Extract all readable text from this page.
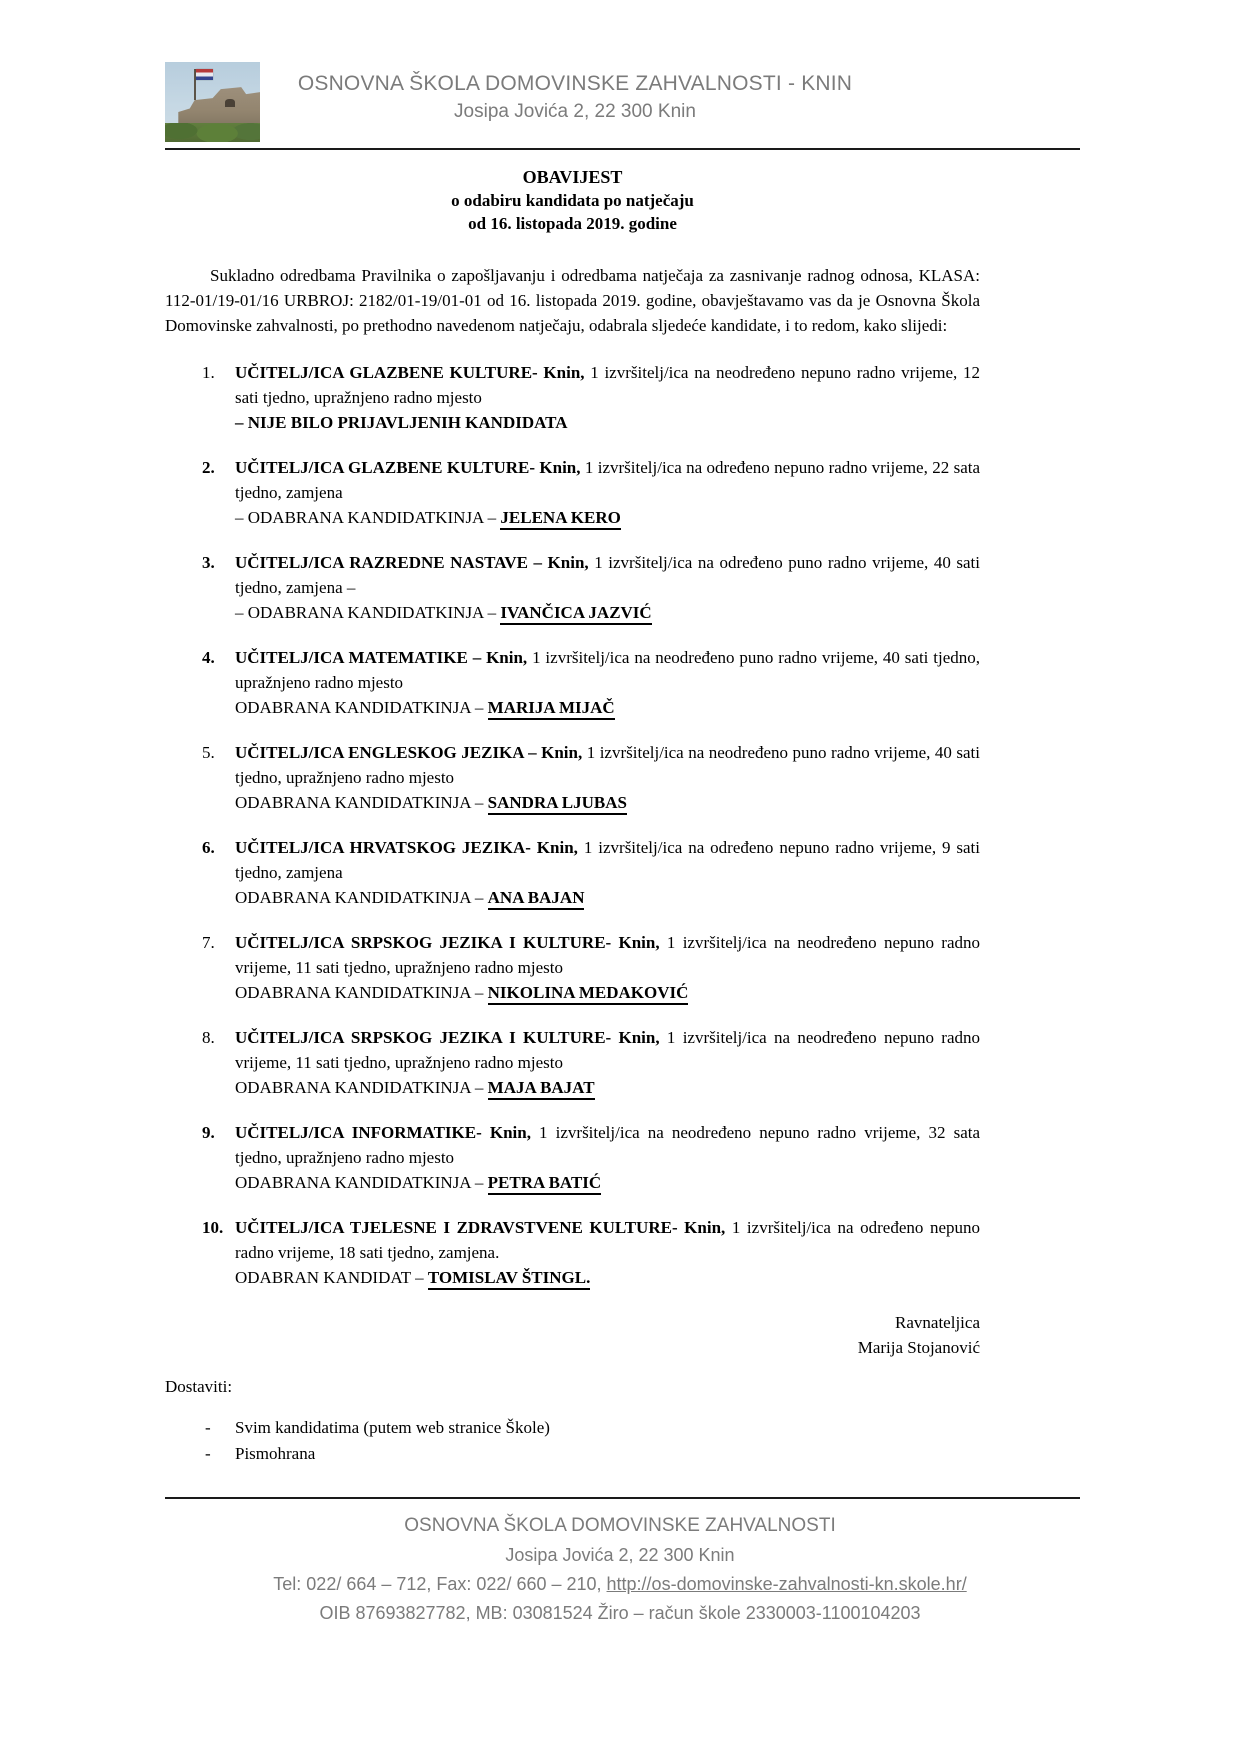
OSNOVNA ŠKOLA DOMOVINSKE ZAHVALNOSTI - KNIN
Josipa Jovića 2, 22 300 Knin
OBAVIJEST
o odabiru kandidata po natječaju
od 16. listopada 2019. godine

Sukladno odredbama Pravilnika o zapošljavanju i odredbama natječaja za zasnivanje radnog odnosa, KLASA: 112-01/19-01/16 URBROJ: 2182/01-19/01-01 od 16. listopada 2019. godine, obavještavamo vas da je Osnovna Škola Domovinske zahvalnosti, po prethodno navedenom natječaju, odabrala sljedeće kandidate, i to redom, kako slijedi:

1.	UČITELJ/ICA GLAZBENE KULTURE- Knin, 1 izvršitelj/ica na neodređeno nepuno radno vrijeme, 12 sati tjedno, upražnjeno radno mjesto

– NIJE BILO PRIJAVLJENIH KANDIDATA

2.	UČITELJ/ICA GLAZBENE KULTURE- Knin, 1 izvršitelj/ica na određeno nepuno radno vrijeme, 22 sata tjedno, zamjena

– ODABRANA KANDIDATKINJA – JELENA KERO

3.	UČITELJ/ICA RAZREDNE NASTAVE – Knin, 1 izvršitelj/ica na određeno puno radno vrijeme, 40 sati tjedno, zamjena –

– ODABRANA KANDIDATKINJA – IVANČICA JAZVIĆ

4.	UČITELJ/ICA MATEMATIKE – Knin, 1 izvršitelj/ica na neodređeno puno radno vrijeme, 40 sati tjedno, upražnjeno radno mjesto

ODABRANA KANDIDATKINJA – MARIJA MIJAČ

5.	UČITELJ/ICA ENGLESKOG JEZIKA – Knin, 1 izvršitelj/ica na neodređeno puno radno vrijeme, 40 sati tjedno, upražnjeno radno mjesto

ODABRANA KANDIDATKINJA – SANDRA LJUBAS

6.	UČITELJ/ICA HRVATSKOG JEZIKA- Knin, 1 izvršitelj/ica na određeno nepuno radno vrijeme, 9 sati tjedno, zamjena

ODABRANA KANDIDATKINJA – ANA BAJAN

7.	UČITELJ/ICA SRPSKOG JEZIKA I KULTURE- Knin, 1 izvršitelj/ica na neodređeno nepuno radno vrijeme, 11 sati tjedno, upražnjeno radno mjesto

ODABRANA KANDIDATKINJA – NIKOLINA MEDAKOVIĆ

8.	UČITELJ/ICA SRPSKOG JEZIKA I KULTURE- Knin, 1 izvršitelj/ica na neodređeno nepuno radno vrijeme, 11 sati tjedno, upražnjeno radno mjesto

ODABRANA KANDIDATKINJA – MAJA BAJAT

9.	UČITELJ/ICA INFORMATIKE- Knin, 1 izvršitelj/ica na neodređeno nepuno radno vrijeme, 32 sata tjedno, upražnjeno radno mjesto

ODABRANA KANDIDATKINJA – PETRA BATIĆ

10. UČITELJ/ICA TJELESNE I ZDRAVSTVENE KULTURE- Knin, 1 izvršitelj/ica na određeno nepuno radno vrijeme, 18 sati tjedno, zamjena.

ODABRAN KANDIDAT – TOMISLAV ŠTINGL.

Ravnateljica
Marija Stojanović

Dostaviti:

-	Svim kandidatima (putem web stranice Škole)
-	Pismohrana
OSNOVNA ŠKOLA DOMOVINSKE ZAHVALNOSTI
Josipa Jovića 2, 22 300 Knin
Tel: 022/ 664 – 712, Fax: 022/ 660 – 210, http://os-domovinske-zahvalnosti-kn.skole.hr/
OIB 87693827782, MB: 03081524 Žiro – račun škole 2330003-1100104203
